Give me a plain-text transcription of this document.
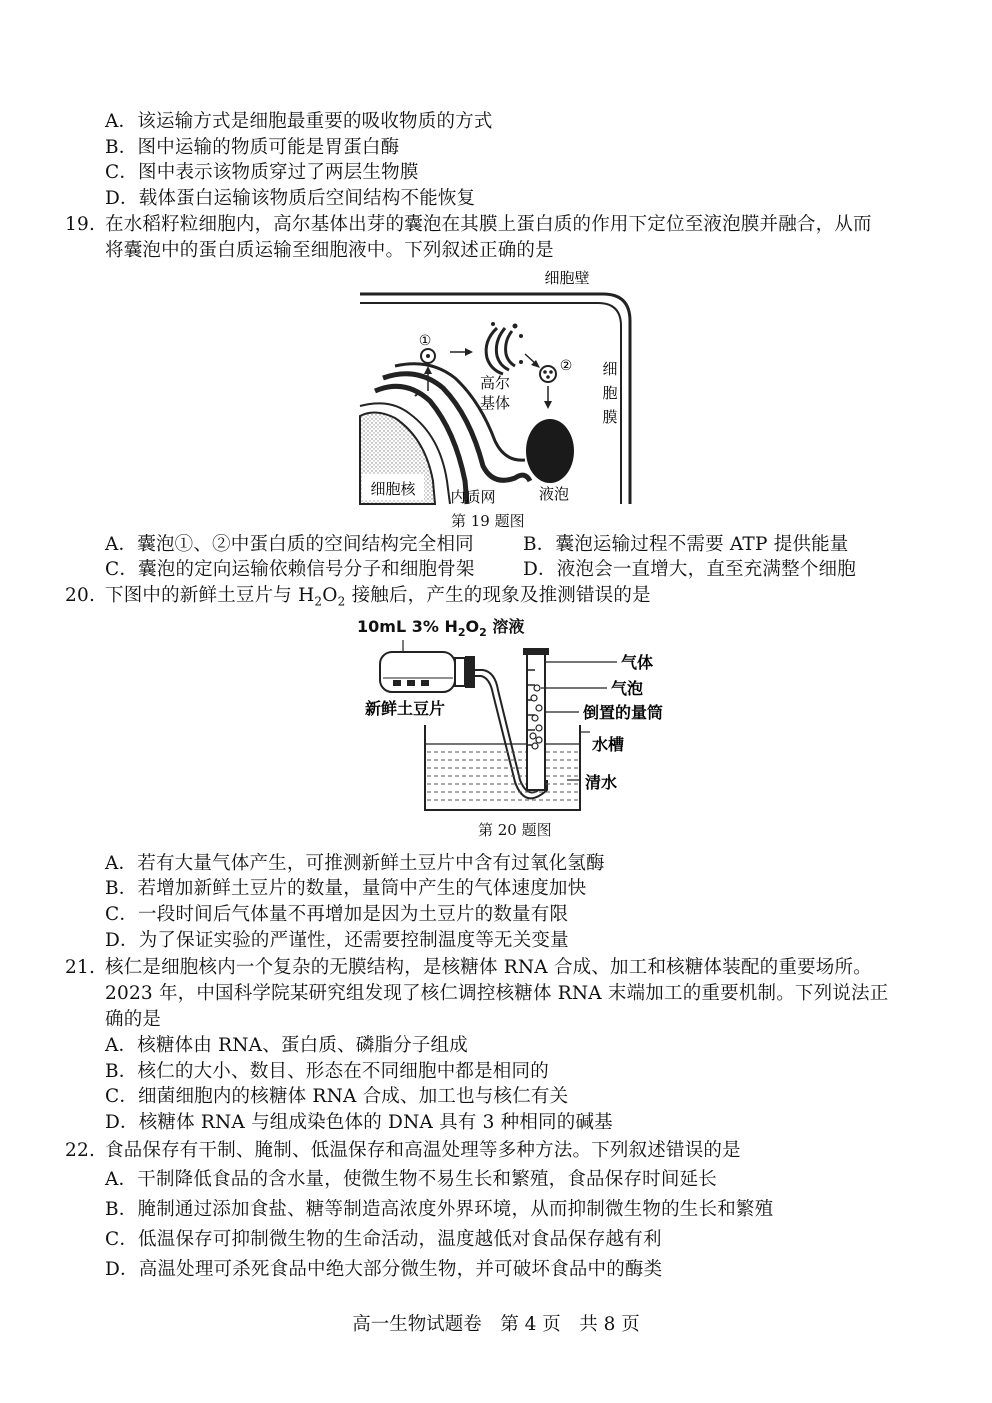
A．该运输方式是细胞最重要的吸收物质的方式
B．图中运输的物质可能是胃蛋白酶
C．图中表示该物质穿过了两层生物膜
D．载体蛋白运输该物质后空间结构不能恢复
19. 在水稻籽粒细胞内，高尔基体出芽的囊泡在其膜上蛋白质的作用下定位至液泡膜并融合，从而
将囊泡中的蛋白质运输至细胞液中。下列叙述正确的是
细胞壁
细
胞
膜
细胞核 内质网
①
高尔
基体
②
液泡
第 19 题图
A．囊泡①、②中蛋白质的空间结构完全相同	B．囊泡运输过程不需要 ATP 提供能量
C．囊泡的定向运输依赖信号分子和细胞骨架	D．液泡会一直增大，直至充满整个细胞
20. 下图中的新鲜土豆片与 $H_2O_2$ 接触后，产生的现象及推测错误的是
10mL 3% $H_2O_2$ 溶液
气体
气泡
倒置的量筒
水槽
清水
新鲜土豆片
第 20 题图
A．若有大量气体产生，可推测新鲜土豆片中含有过氧化氢酶
B．若增加新鲜土豆片的数量，量筒中产生的气体速度加快
C．一段时间后气体量不再增加是因为土豆片的数量有限
D．为了保证实验的严谨性，还需要控制温度等无关变量
21. 核仁是细胞核内一个复杂的无膜结构，是核糖体 RNA 合成、加工和核糖体装配的重要场所。
2023 年，中国科学院某研究组发现了核仁调控核糖体 RNA 末端加工的重要机制。下列说法正
确的是
A．核糖体由 RNA、蛋白质、磷脂分子组成
B．核仁的大小、数目、形态在不同细胞中都是相同的
C．细菌细胞内的核糖体 RNA 合成、加工也与核仁有关
D．核糖体 RNA 与组成染色体的 DNA 具有 3 种相同的碱基
22. 食品保存有干制、腌制、低温保存和高温处理等多种方法。下列叙述错误的是
A．干制降低食品的含水量，使微生物不易生长和繁殖，食品保存时间延长
B．腌制通过添加食盐、糖等制造高浓度外界环境，从而抑制微生物的生长和繁殖
C．低温保存可抑制微生物的生命活动，温度越低对食品保存越有利
D．高温处理可杀死食品中绝大部分微生物，并可破坏食品中的酶类
高一生物试题卷　第 4 页　共 8 页
